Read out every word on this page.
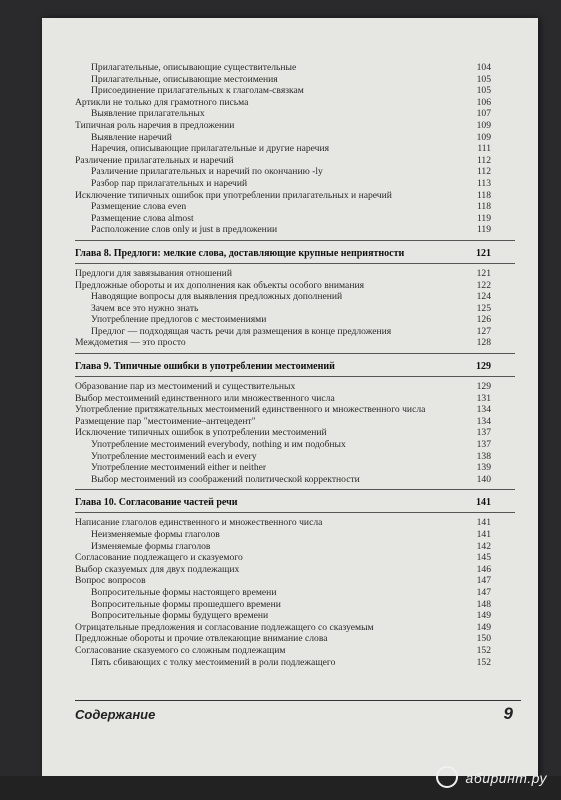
Прилагательные, описывающие существительные	104
Прилагательные, описывающие местоимения	105
Присоединение прилагательных к глаголам-связкам	105
Артикли не только для грамотного письма	106
Выявление прилагательных	107
Типичная роль наречия в предложении	109
Выявление наречий	109
Наречия, описывающие прилагательные и другие наречия	111
Различение прилагательных и наречий	112
Различение прилагательных и наречий по окончанию -ly	112
Разбор пар прилагательных и наречий	113
Исключение типичных ошибок при употреблении прилагательных и наречий	118
Размещение слова even	118
Размещение слова almost	119
Расположение слов only и just в предложении	119
Глава 8. Предлоги: мелкие слова, доставляющие крупные неприятности	121
Предлоги для завязывания отношений	121
Предложные обороты и их дополнения как объекты особого внимания	122
Наводящие вопросы для выявления предложных дополнений	124
Зачем все это нужно знать	125
Употребление предлогов с местоимениями	126
Предлог — подходящая часть речи для размещения в конце предложения	127
Междометия — это просто	128
Глава 9. Типичные ошибки в употреблении местоимений	129
Образование пар из местоимений и существительных	129
Выбор местоимений единственного или множественного числа	131
Употребление притяжательных местоимений единственного и множественного числа	134
Размещение пар "местоимение–антецедент"	134
Исключение типичных ошибок в употреблении местоимений	137
Употребление местоимений everybody, nothing и им подобных	137
Употребление местоимений each и every	138
Употребление местоимений either и neither	139
Выбор местоимений из соображений политической корректности	140
Глава 10. Согласование частей речи	141
Написание глаголов единственного и множественного числа	141
Неизменяемые формы глаголов	141
Изменяемые формы глаголов	142
Согласование подлежащего и сказуемого	145
Выбор сказуемых для двух подлежащих	146
Вопрос вопросов	147
Вопросительные формы настоящего времени	147
Вопросительные формы прошедшего времени	148
Вопросительные формы будущего времени	149
Отрицательные предложения и согласование подлежащего со сказуемым	149
Предложные обороты и прочие отвлекающие внимание слова	150
Согласование сказуемого со сложным подлежащим	152
Пять сбивающих с толку местоимений в роли подлежащего	152
Содержание	9
абиринт.ру
